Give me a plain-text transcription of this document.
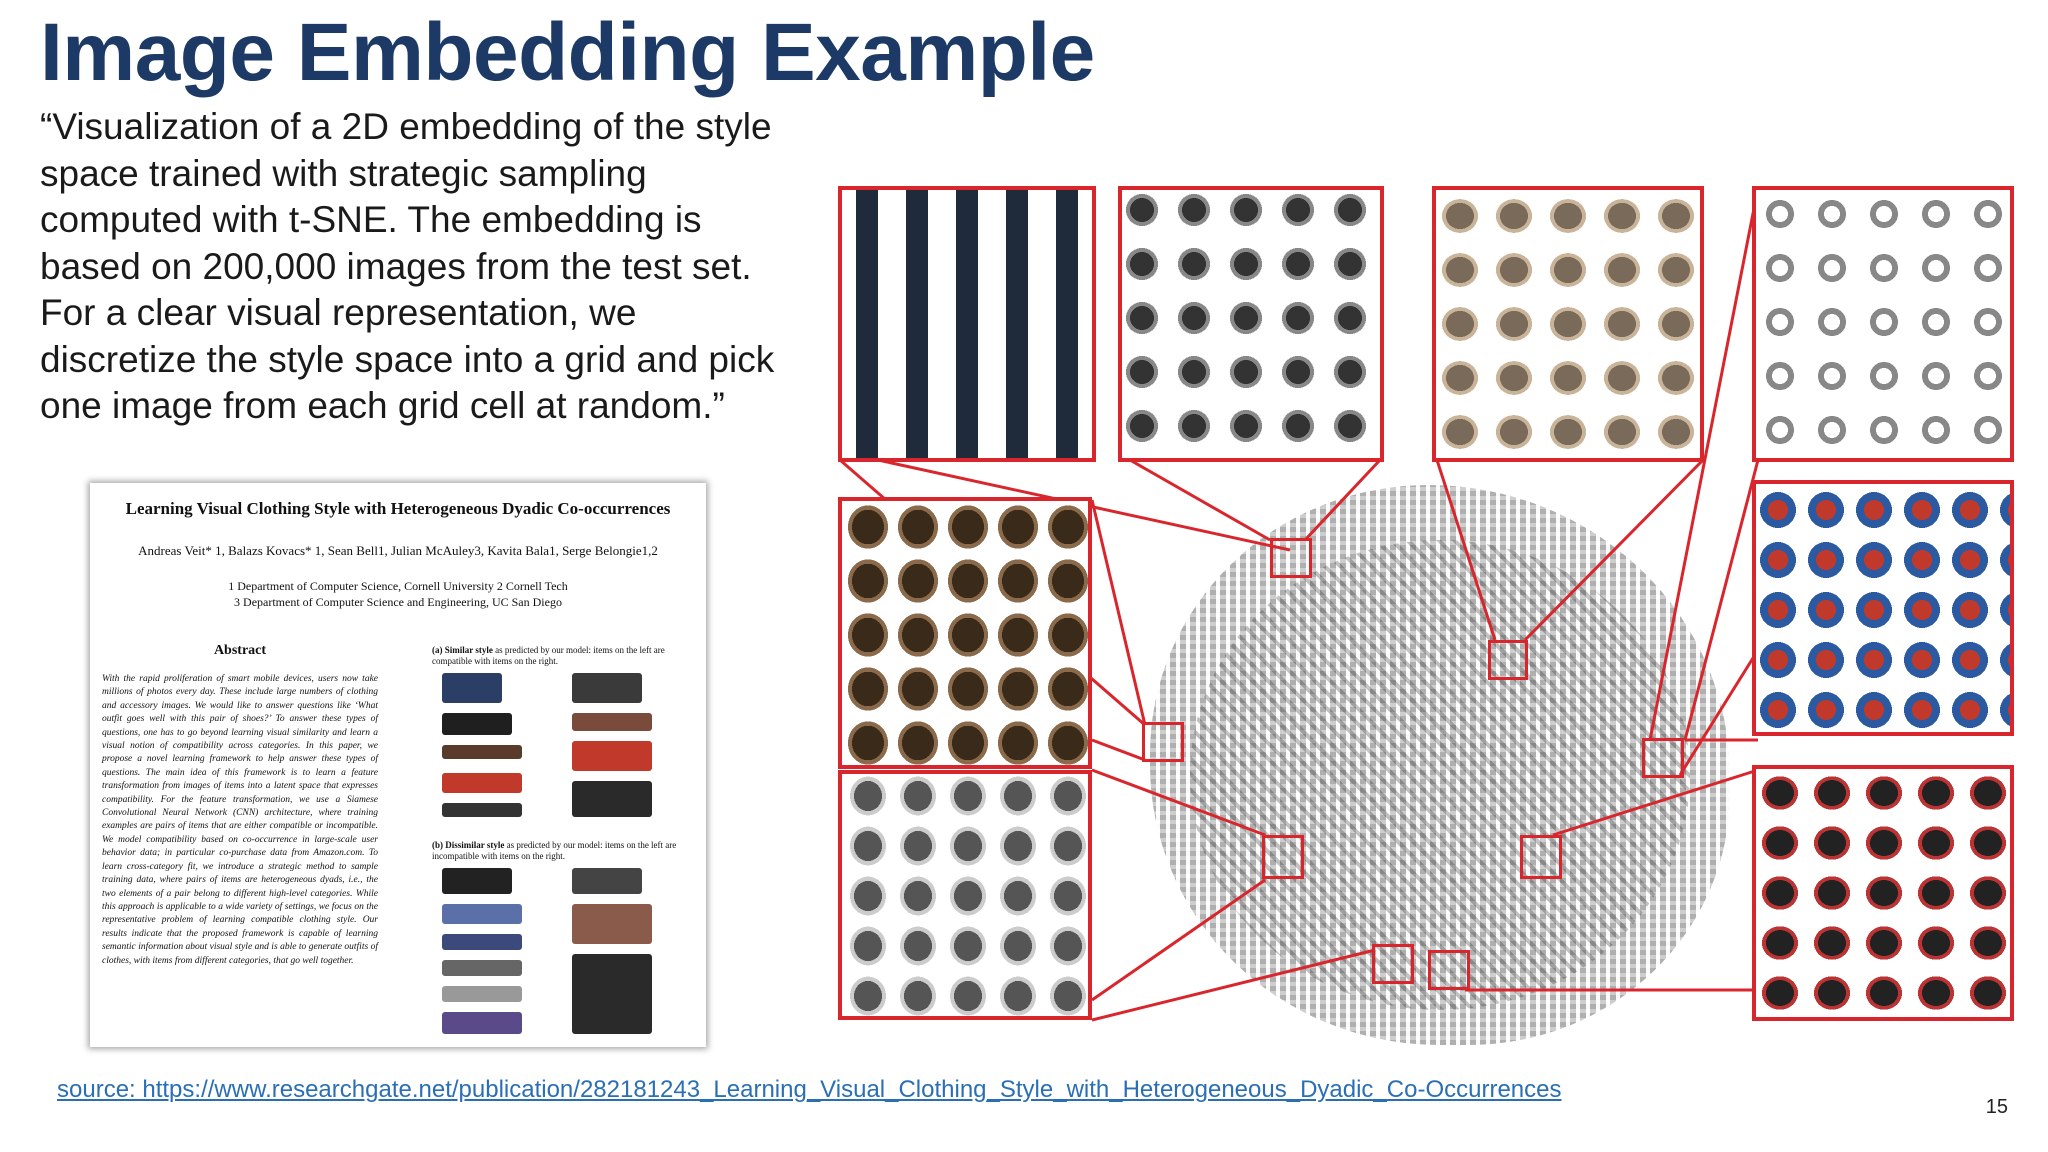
Image Embedding Example
“Visualization of a 2D embedding of the style space trained with strategic sampling computed with t-SNE. The embedding is based on 200,000 images from the test set. For a clear visual representation, we discretize the style space into a grid and pick one image from each grid cell at random.”
Learning Visual Clothing Style with Heterogeneous Dyadic Co-occurrences
Andreas Veit* 1, Balazs Kovacs* 1, Sean Bell1, Julian McAuley3, Kavita Bala1, Serge Belongie1,2
1 Department of Computer Science, Cornell University 2 Cornell Tech
3 Department of Computer Science and Engineering, UC San Diego
Abstract
With the rapid proliferation of smart mobile devices, users now take millions of photos every day. These include large numbers of clothing and accessory images. We would like to answer questions like ‘What outfit goes well with this pair of shoes?’ To answer these types of questions, one has to go beyond learning visual similarity and learn a visual notion of compatibility across categories. In this paper, we propose a novel learning framework to help answer these types of questions. The main idea of this framework is to learn a feature transformation from images of items into a latent space that expresses compatibility. For the feature transformation, we use a Siamese Convolutional Neural Network (CNN) architecture, where training examples are pairs of items that are either compatible or incompatible. We model compatibility based on co-occurrence in large-scale user behavior data; in particular co-purchase data from Amazon.com. To learn cross-category fit, we introduce a strategic method to sample training data, where pairs of items are heterogeneous dyads, i.e., the two elements of a pair belong to different high-level categories. While this approach is applicable to a wide variety of settings, we focus on the representative problem of learning compatible clothing style. Our results indicate that the proposed framework is capable of learning semantic information about visual style and is able to generate outfits of clothes, with items from different categories, that go well together.
(a) Similar style as predicted by our model: items on the left are compatible with items on the right.
(b) Dissimilar style as predicted by our model: items on the left are incompatible with items on the right.
source: https://www.researchgate.net/publication/282181243_Learning_Visual_Clothing_Style_with_Heterogeneous_Dyadic_Co-Occurrences
15
